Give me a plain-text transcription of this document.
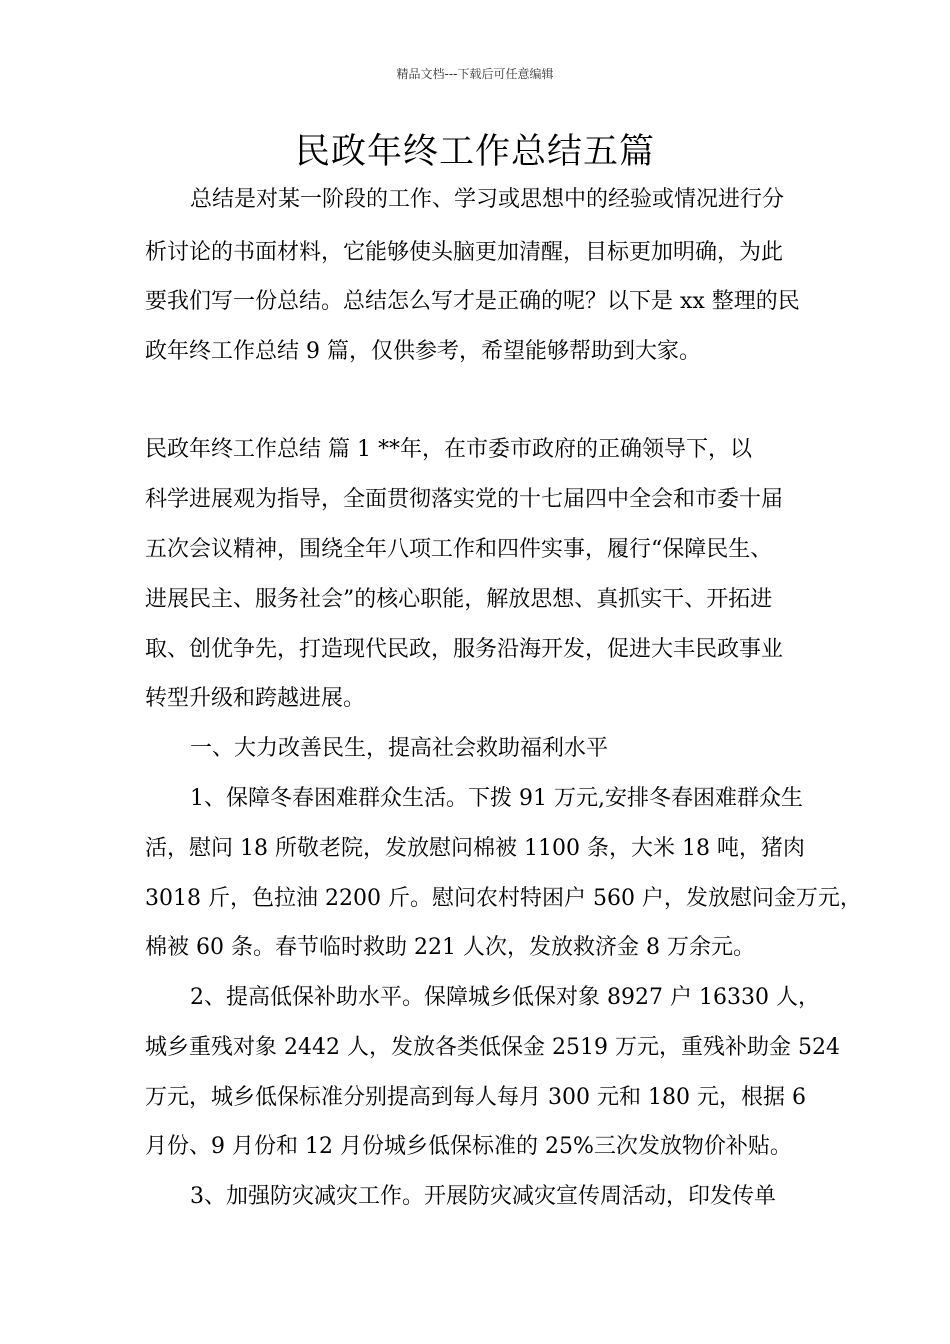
精品文档---下载后可任意编辑
民政年终工作总结五篇
总结是对某一阶段的工作、学习或思想中的经验或情况进行分
析讨论的书面材料，它能够使头脑更加清醒，目标更加明确，为此
要我们写一份总结。总结怎么写才是正确的呢？以下是 xx 整理的民
政年终工作总结 9 篇，仅供参考，希望能够帮助到大家。
民政年终工作总结 篇 1 **年，在市委市政府的正确领导下，以
科学进展观为指导，全面贯彻落实党的十七届四中全会和市委十届
五次会议精神，围绕全年八项工作和四件实事，履行“保障民生、
进展民主、服务社会”的核心职能，解放思想、真抓实干、开拓进
取、创优争先，打造现代民政，服务沿海开发，促进大丰民政事业
转型升级和跨越进展。
一、大力改善民生，提高社会救助福利水平
1、保障冬春困难群众生活。下拨 91 万元,安排冬春困难群众生
活，慰问 18 所敬老院，发放慰问棉被 1100 条，大米 18 吨，猪肉
3018 斤，色拉油 2200 斤。慰问农村特困户 560 户，发放慰问金万元，
棉被 60 条。春节临时救助 221 人次，发放救济金 8 万余元。
2、提高低保补助水平。保障城乡低保对象 8927 户 16330 人，
城乡重残对象 2442 人，发放各类低保金 2519 万元，重残补助金 524
万元，城乡低保标准分别提高到每人每月 300 元和 180 元，根据 6
月份、9 月份和 12 月份城乡低保标准的 25%三次发放物价补贴。
3、加强防灾减灾工作。开展防灾减灾宣传周活动，印发传单
